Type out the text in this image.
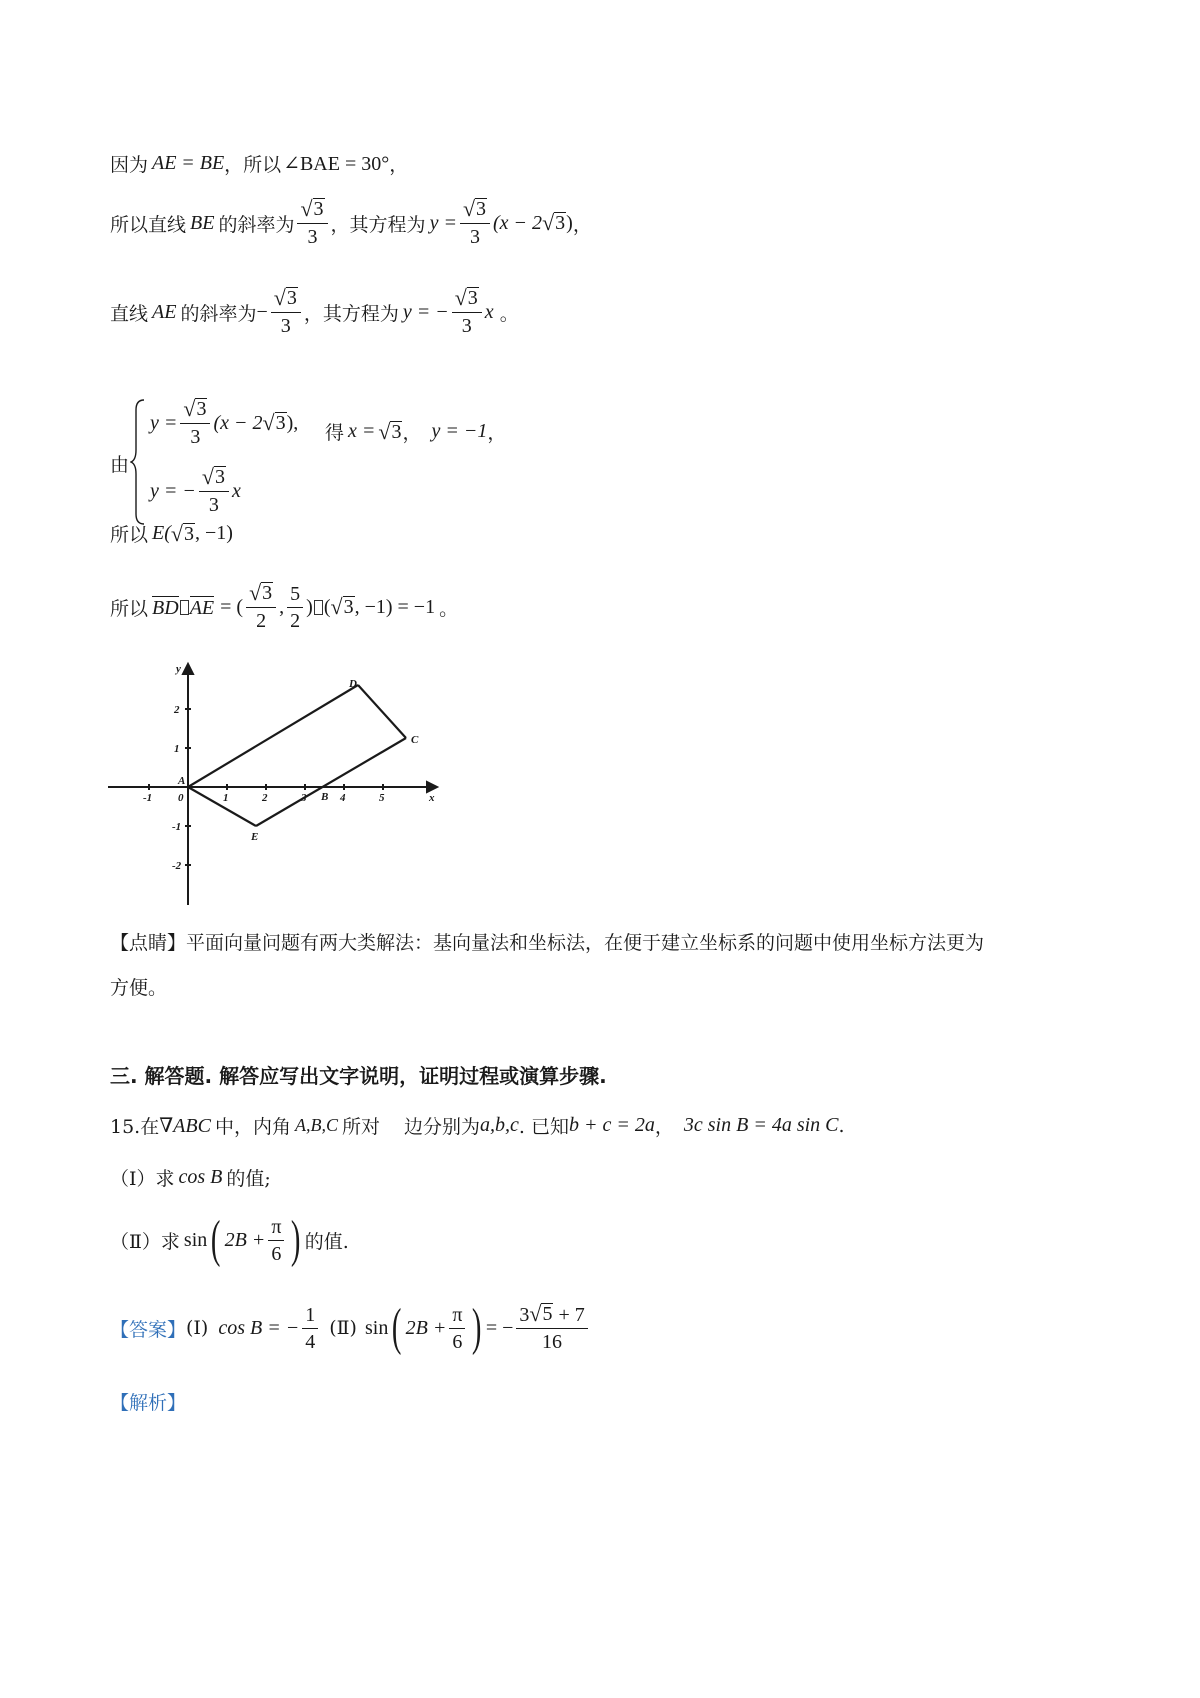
因为 AE = BE ，所以 ∠BAE = 30° ，
所以直线 BE 的斜率为 $\frac{√ 3}{3}$ ，其方程为 $y = \frac{√ 3}{3} (x - 2$ √ 3 ) ，
直线 AE 的斜率为 − $\frac{√ 3}{3}$ ，其方程为 y = − $\frac{√ 3}{3}$ x 。
由
$y = \frac{√ 3}{3} (x - 2$ √ 3 ),
y = − $\frac{√ 3}{3}$ x
得 x = √ 3 ， y = −1 ，
所以 E( √ 3 , −1)
所以 BD AE = ( $\frac{√ 3}{2}$ , $\frac{5}{2}$ ) ( √ 3 , −1) = −1 。
-1 0	1	2	3	4	5
2
1
-1
-2
x
y
A
B
C
D
E
【点睛】 平面向量问题有两大类解法：基向量法和坐标法，在便于建立坐标系的问题中使用坐标方法更为
方便。
三. 解答题. 解答应写出文字说明，证明过程或演算步骤.
15.在 ∇ABC 中，内角 A,B,C 所对 边分别为 a,b,c . 已知 b + c = 2a ， 3c sin B = 4a sin C .
（Ⅰ）求 cos B 的值;
（Ⅱ）求 sin ( $2B + \frac{\pi}{6}$ ) 的值.
【答案】 (Ⅰ) cos B = − $\frac{1}{4}$ (Ⅱ) sin ( $2B + \frac{\pi}{6}$ ) = − $\frac{3 √ 5 + 7}{16}$
【解析】
